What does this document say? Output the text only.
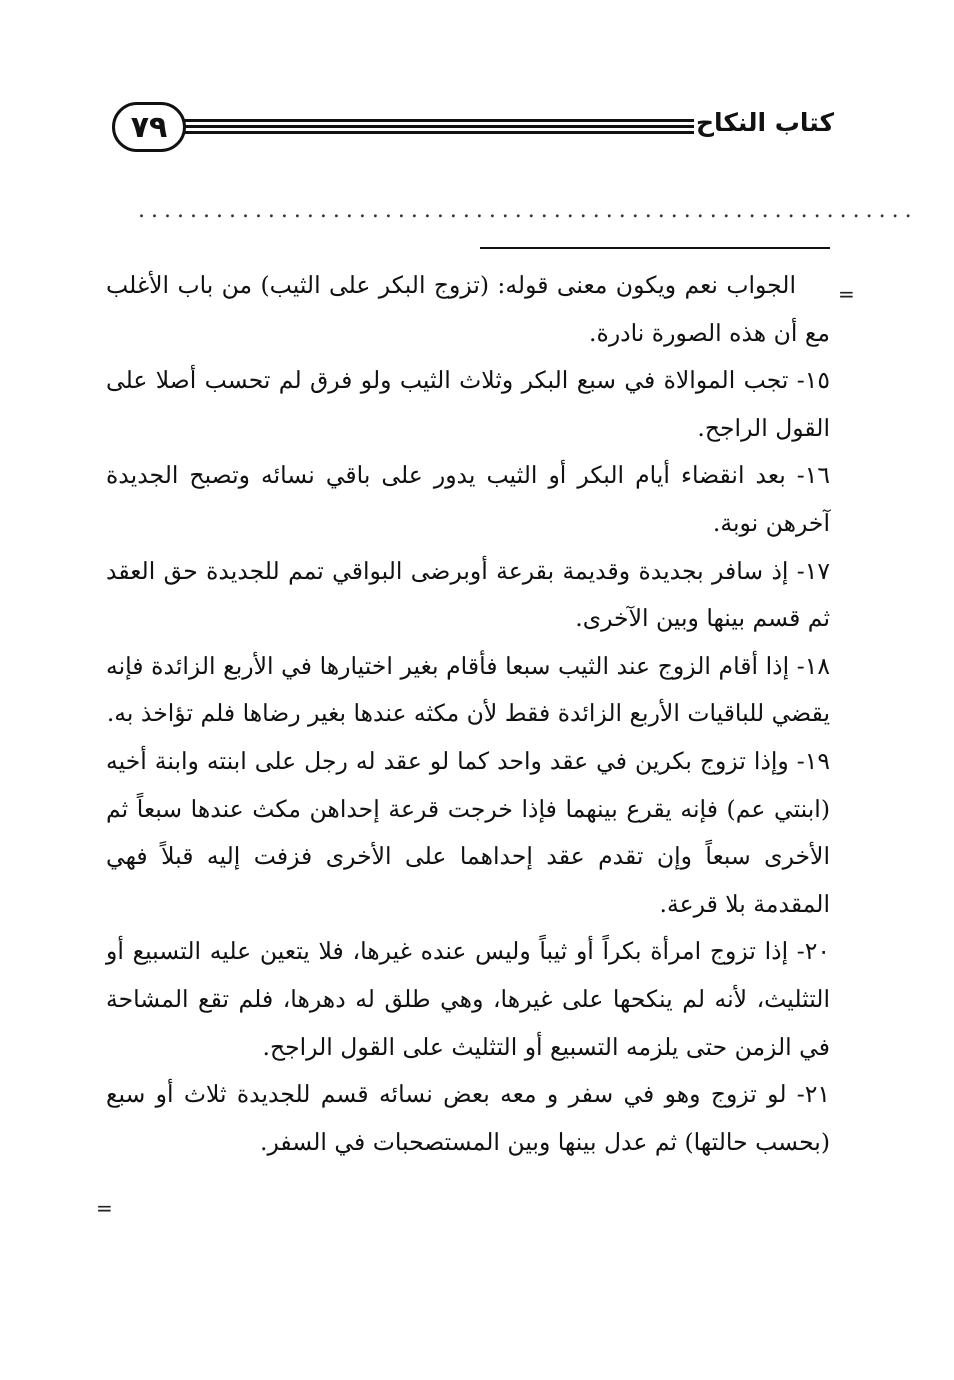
٧٩	كتاب النكاح
............................................................
=

الجواب نعم ويكون معنى قوله: (تزوج البكر على الثيب) من باب الأغلب مع أن هذه الصورة نادرة.

١٥- تجب الموالاة في سبع البكر وثلاث الثيب ولو فرق لم تحسب أصلا على القول الراجح.

١٦- بعد انقضاء أيام البكر أو الثيب يدور على باقي نسائه وتصبح الجديدة آخرهن نوبة.

١٧- إذ سافر بجديدة وقديمة بقرعة أوبرضى البواقي تمم للجديدة حق العقد ثم قسم بينها وبين الآخرى.

١٨- إذا أقام الزوج عند الثيب سبعا فأقام بغير اختيارها في الأربع الزائدة فإنه يقضي للباقيات الأربع الزائدة فقط لأن مكثه عندها بغير رضاها فلم تؤاخذ به.

١٩- وإذا تزوج بكرين في عقد واحد كما لو عقد له رجل على ابنته وابنة أخيه (ابنتي عم) فإنه يقرع بينهما فإذا خرجت قرعة إحداهن مكث عندها سبعاً ثم الأخرى سبعاً وإن تقدم عقد إحداهما على الأخرى فزفت إليه قبلاً فهي المقدمة بلا قرعة.

٢٠- إذا تزوج امرأة بكراً أو ثيباً وليس عنده غيرها، فلا يتعين عليه التسبيع أو التثليث، لأنه لم ينكحها على غيرها، وهي طلق له دهرها، فلم تقع المشاحة في الزمن حتى يلزمه التسبيع أو التثليث على القول الراجح.

٢١- لو تزوج وهو في سفر و معه بعض نسائه قسم للجديدة ثلاث أو سبع (بحسب حالتها) ثم عدل بينها وبين المستصحبات في السفر.

=
